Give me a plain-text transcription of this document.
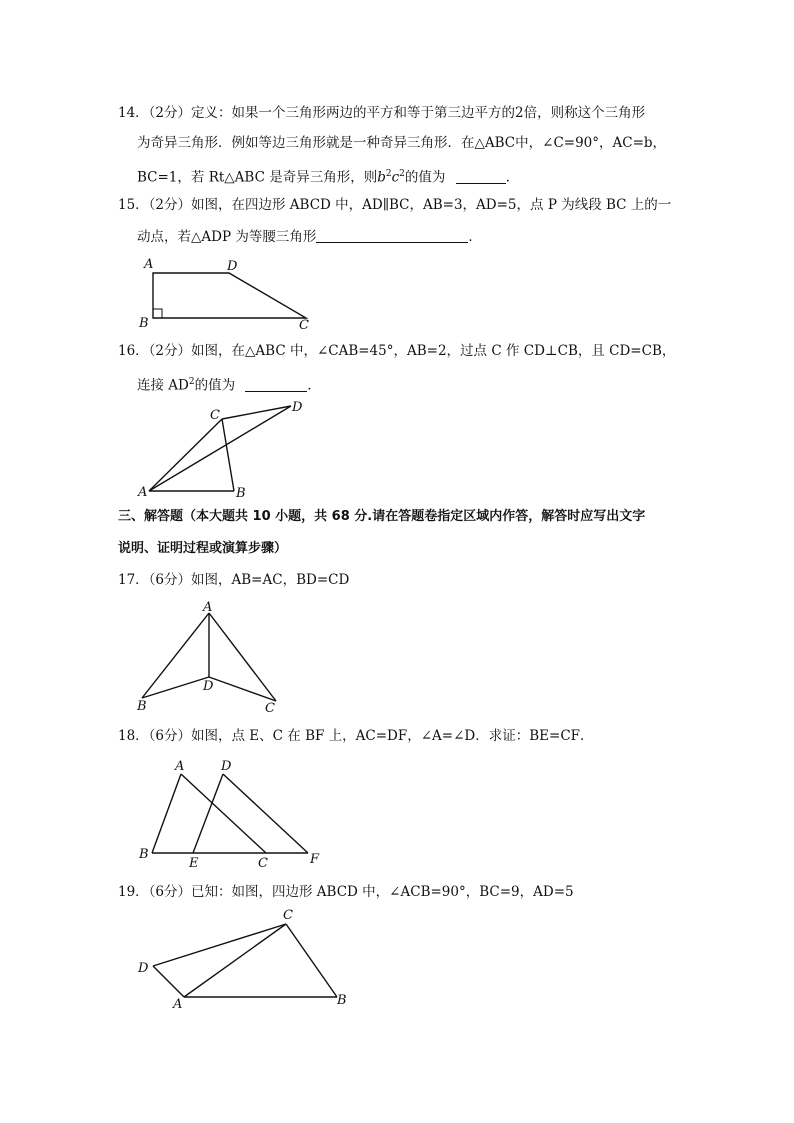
14．（2分）定义：如果一个三角形两边的平方和等于第三边平方的2倍，则称这个三角形
为奇异三角形．例如等边三角形就是一种奇异三角形．在△ABC中，∠C=90°，AC=b，
BC=1，若 Rt△ABC 是奇异三角形，则$b^2c^2$的值为	．
15．（2分）如图，在四边形 ABCD 中，AD∥BC，AB=3，AD=5，点 P 为线段 BC 上的一
动点，若△ADP 为等腰三角形	．
A	D
B	C
C
D
A	B
A
D
B	C
A	D
B
E	C	F
C
D
A	B
16．（2分）如图，在△ABC 中，∠CAB=45°，AB=2，过点 C 作 CD⊥CB，且 CD=CB，
连接 $AD^2$的值为	．
三、解答题（本大题共 10 小题，共 68 分.请在答题卷指定区域内作答，解答时应写出文字
说明、证明过程或演算步骤）
17．（6分）如图，AB=AC，BD=CD
18．（6分）如图，点 E、C 在 BF 上，AC=DF，∠A=∠D．求证：BE=CF．
19．（6分）已知：如图，四边形 ABCD 中，∠ACB=90°，BC=9，AD=5
